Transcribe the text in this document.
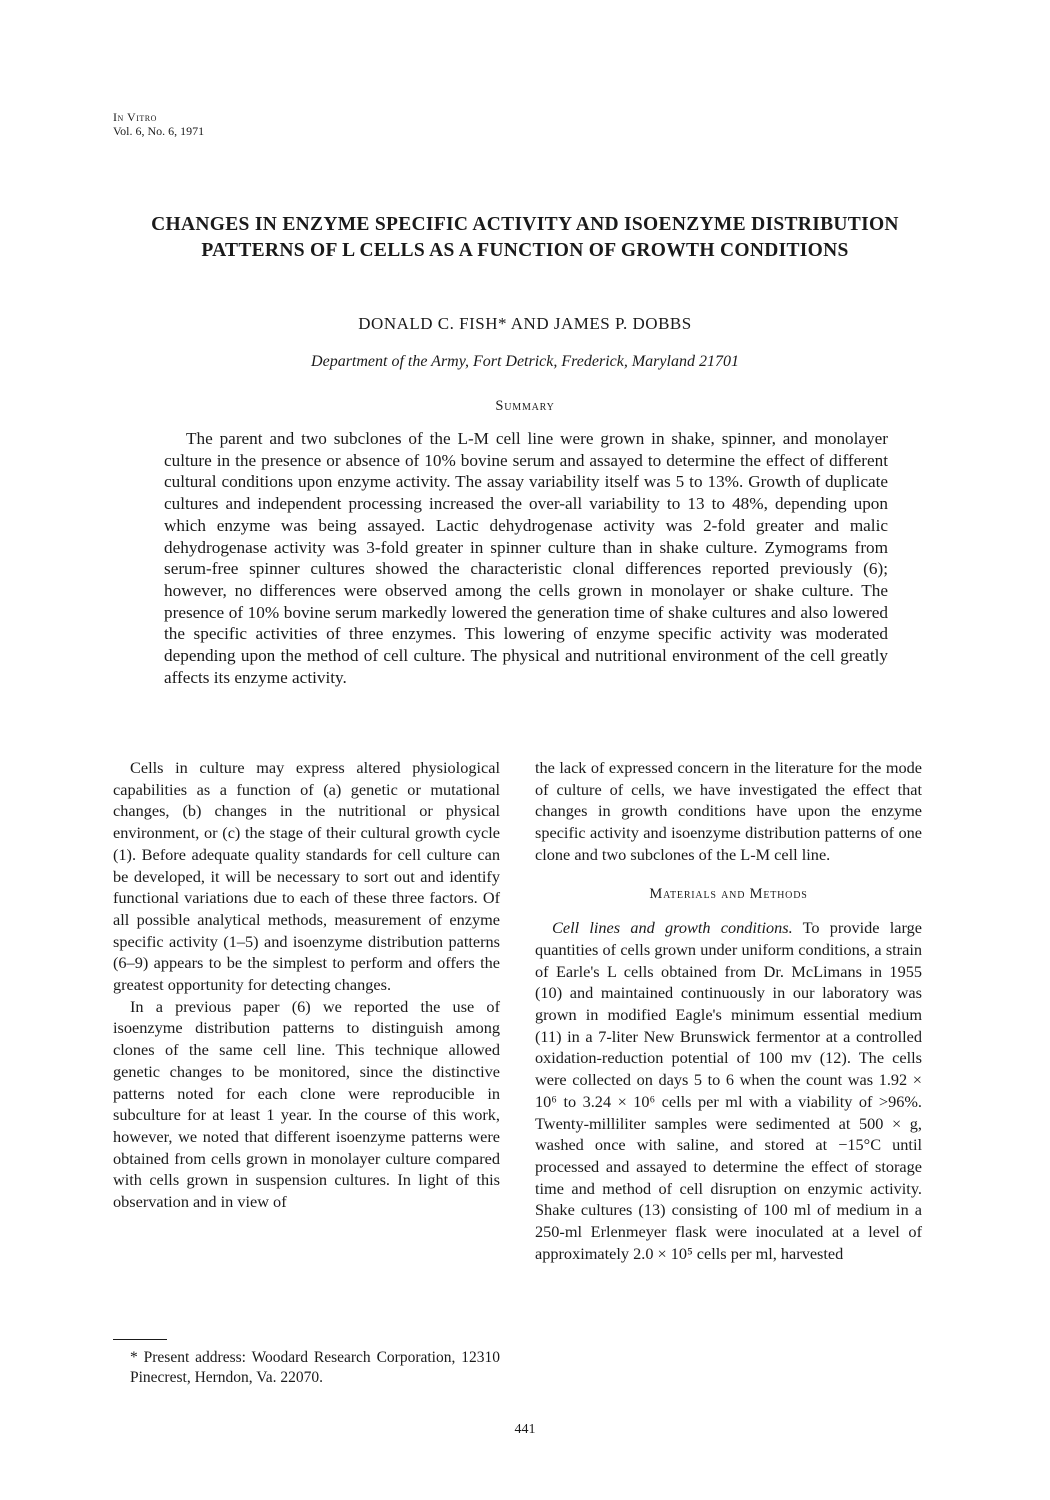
In Vitro
Vol. 6, No. 6, 1971
CHANGES IN ENZYME SPECIFIC ACTIVITY AND ISOENZYME DISTRIBUTION PATTERNS OF L CELLS AS A FUNCTION OF GROWTH CONDITIONS
DONALD C. FISH* AND JAMES P. DOBBS
Department of the Army, Fort Detrick, Frederick, Maryland 21701
Summary

The parent and two subclones of the L-M cell line were grown in shake, spinner, and monolayer culture in the presence or absence of 10% bovine serum and assayed to determine the effect of different cultural conditions upon enzyme activity. The assay variability itself was 5 to 13%. Growth of duplicate cultures and independent processing increased the over-all variability to 13 to 48%, depending upon which enzyme was being assayed. Lactic dehydrogenase activity was 2-fold greater and malic dehydrogenase activity was 3-fold greater in spinner culture than in shake culture. Zymograms from serum-free spinner cultures showed the characteristic clonal differences reported previously (6); however, no differences were observed among the cells grown in monolayer or shake culture. The presence of 10% bovine serum markedly lowered the generation time of shake cultures and also lowered the specific activities of three enzymes. This lowering of enzyme specific activity was moderated depending upon the method of cell culture. The physical and nutritional environment of the cell greatly affects its enzyme activity.

Cells in culture may express altered physiological capabilities as a function of (a) genetic or mutational changes, (b) changes in the nutritional or physical environment, or (c) the stage of their cultural growth cycle (1). Before adequate quality standards for cell culture can be developed, it will be necessary to sort out and identify functional variations due to each of these three factors. Of all possible analytical methods, measurement of enzyme specific activity (1–5) and isoenzyme distribution patterns (6–9) appears to be the simplest to perform and offers the greatest opportunity for detecting changes.

In a previous paper (6) we reported the use of isoenzyme distribution patterns to distinguish among clones of the same cell line. This technique allowed genetic changes to be monitored, since the distinctive patterns noted for each clone were reproducible in subculture for at least 1 year. In the course of this work, however, we noted that different isoenzyme patterns were obtained from cells grown in monolayer culture compared with cells grown in suspension cultures. In light of this observation and in view of

the lack of expressed concern in the literature for the mode of culture of cells, we have investigated the effect that changes in growth conditions have upon the enzyme specific activity and isoenzyme distribution patterns of one clone and two subclones of the L-M cell line.

Materials and Methods

Cell lines and growth conditions. To provide large quantities of cells grown under uniform conditions, a strain of Earle's L cells obtained from Dr. McLimans in 1955 (10) and maintained continuously in our laboratory was grown in modified Eagle's minimum essential medium (11) in a 7-liter New Brunswick fermentor at a controlled oxidation-reduction potential of 100 mv (12). The cells were collected on days 5 to 6 when the count was 1.92 × 10⁶ to 3.24 × 10⁶ cells per ml with a viability of >96%. Twenty-milliliter samples were sedimented at 500 × g, washed once with saline, and stored at −15°C until processed and assayed to determine the effect of storage time and method of cell disruption on enzymic activity. Shake cultures (13) consisting of 100 ml of medium in a 250-ml Erlenmeyer flask were inoculated at a level of approximately 2.0 × 10⁵ cells per ml, harvested

* Present address: Woodard Research Corporation, 12310 Pinecrest, Herndon, Va. 22070.
441
